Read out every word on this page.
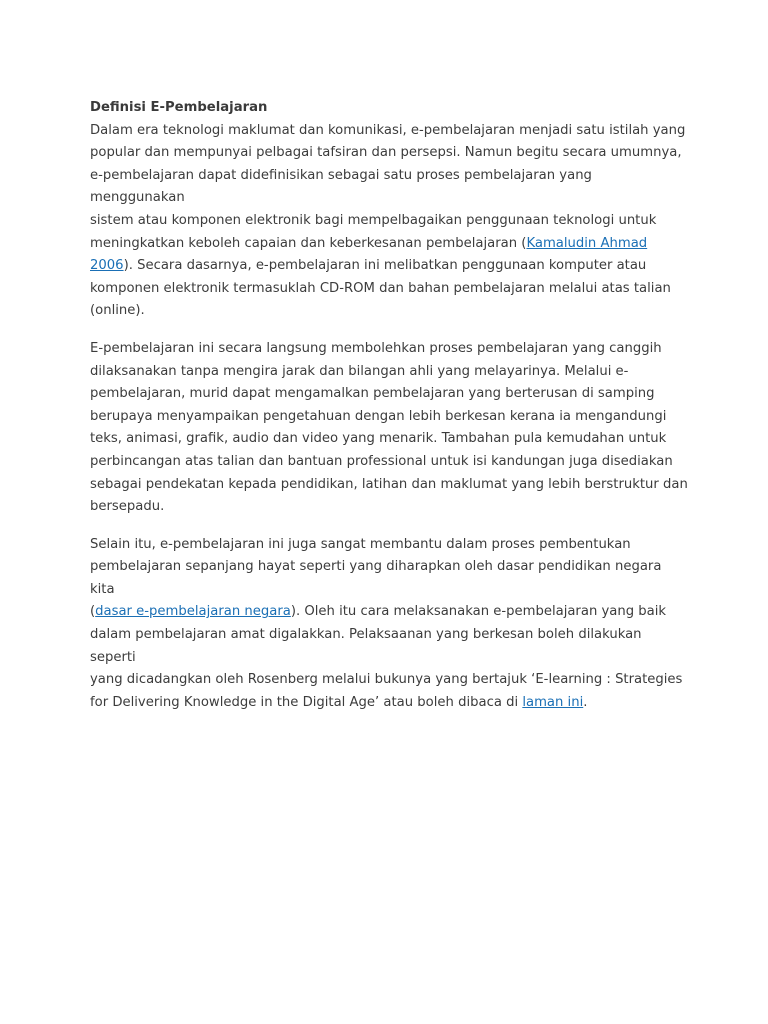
Definisi E-Pembelajaran

Dalam era teknologi maklumat dan komunikasi, e-pembelajaran menjadi satu istilah yang
popular dan mempunyai pelbagai tafsiran dan persepsi. Namun begitu secara umumnya,
e-pembelajaran dapat didefinisikan sebagai satu proses pembelajaran yang menggunakan
sistem atau komponen elektronik bagi mempelbagaikan penggunaan teknologi untuk
meningkatkan keboleh capaian dan keberkesanan pembelajaran (Kamaludin Ahmad
2006). Secara dasarnya, e-pembelajaran ini melibatkan penggunaan komputer atau
komponen elektronik termasuklah CD-ROM dan bahan pembelajaran melalui atas talian
(online).

E-pembelajaran ini secara langsung membolehkan proses pembelajaran yang canggih
dilaksanakan tanpa mengira jarak dan bilangan ahli yang melayarinya. Melalui e-
pembelajaran, murid dapat mengamalkan pembelajaran yang berterusan di samping
berupaya menyampaikan pengetahuan dengan lebih berkesan kerana ia mengandungi
teks, animasi, grafik, audio dan video yang menarik. Tambahan pula kemudahan untuk
perbincangan atas talian dan bantuan professional untuk isi kandungan juga disediakan
sebagai pendekatan kepada pendidikan, latihan dan maklumat yang lebih berstruktur dan
bersepadu.

Selain itu, e-pembelajaran ini juga sangat membantu dalam proses pembentukan
pembelajaran sepanjang hayat seperti yang diharapkan oleh dasar pendidikan negara kita
(dasar e-pembelajaran negara). Oleh itu cara melaksanakan e-pembelajaran yang baik
dalam pembelajaran amat digalakkan. Pelaksaanan yang berkesan boleh dilakukan seperti
yang dicadangkan oleh Rosenberg melalui bukunya yang bertajuk ‘E-learning : Strategies
for Delivering Knowledge in the Digital Age’ atau boleh dibaca di laman ini.
